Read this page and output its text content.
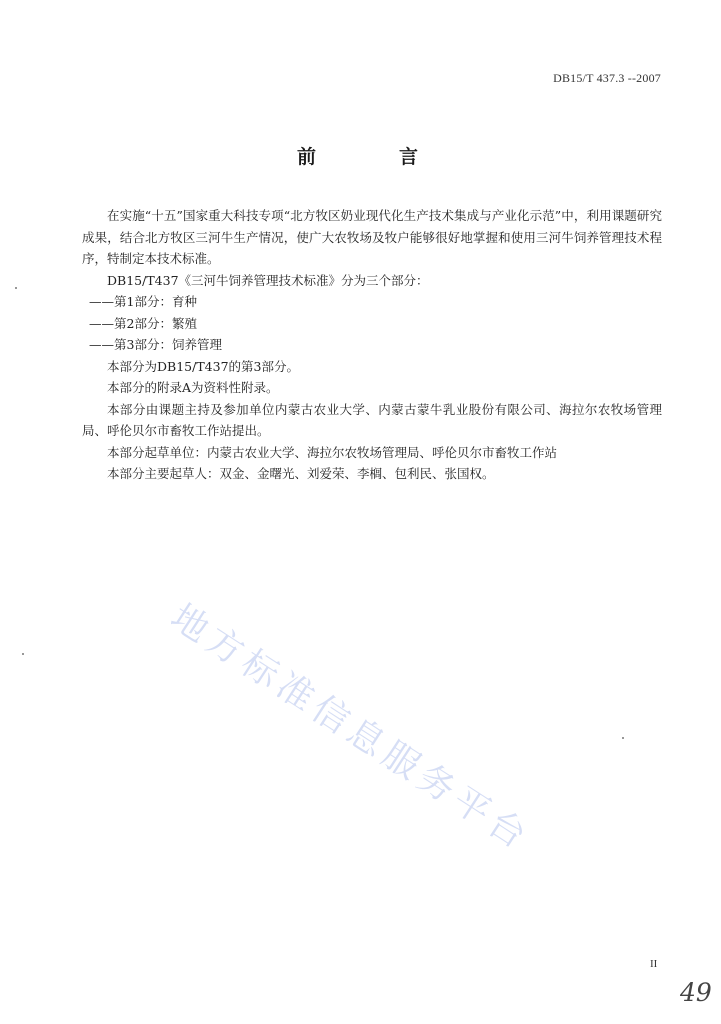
DB15/T 437.3 --2007
前　言

在实施“十五”国家重大科技专项“北方牧区奶业现代化生产技术集成与产业化示范”中，利用课题研究成果，结合北方牧区三河牛生产情况，使广大农牧场及牧户能够很好地掌握和使用三河牛饲养管理技术程序，特制定本技术标准。

DB15/T437《三河牛饲养管理技术标准》分为三个部分：

——第1部分：育种

——第2部分：繁殖

——第3部分：饲养管理

本部分为DB15/T437的第3部分。

本部分的附录A为资料性附录。

本部分由课题主持及参加单位内蒙古农业大学、内蒙古蒙牛乳业股份有限公司、海拉尔农牧场管理局、呼伦贝尔市畜牧工作站提出。

本部分起草单位：内蒙古农业大学、海拉尔农牧场管理局、呼伦贝尔市畜牧工作站

本部分主要起草人：双金、金曙光、刘爱荣、李榈、包利民、张国权。

地方标准信息服务平台
II
49
